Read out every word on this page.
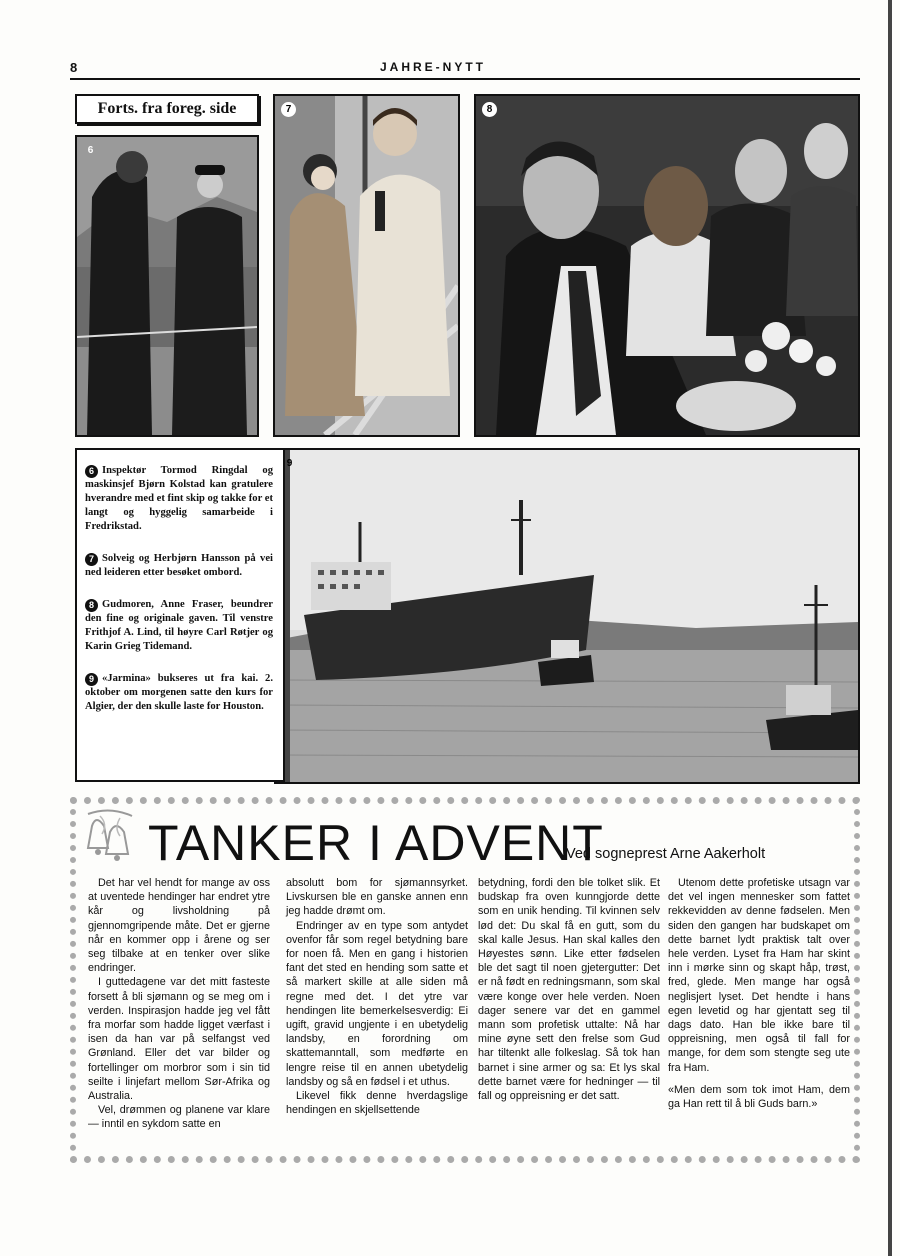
8	JAHRE-NYTT
Forts. fra foreg. side
6
7	8
9
6 Inspektør Tormod Ringdal og maskinsjef Bjørn Kolstad kan gratulere hverandre med et fint skip og takke for et langt og hyggelig samarbeide i Fredrikstad.
7 Solveig og Herbjørn Hansson på vei ned leideren etter besøket ombord.
8 Gudmoren, Anne Fraser, beundrer den fine og originale gaven. Til venstre Frithjof A. Lind, til høyre Carl Røtjer og Karin Grieg Tidemand.
9 «Jarmina» bukseres ut fra kai. 2. oktober om morgenen satte den kurs for Algier, der den skulle laste for Houston.
TANKER I ADVENT
Ved sogneprest Arne Aakerholt

Det har vel hendt for mange av oss at uventede hendinger har endret ytre kår og livsholdning på gjennomgripende måte. Det er gjerne når en kommer opp i årene og ser seg tilbake at en tenker over slike endringer.

I guttedagene var det mitt fasteste forsett å bli sjømann og se meg om i verden. Inspirasjon hadde jeg vel fått fra morfar som hadde ligget værfast i isen da han var på selfangst ved Grønland. Eller det var bilder og fortellinger om morbror som i sin tid seilte i linjefart mellom Sør-Afrika og Australia.

Vel, drømmen og planene var klare — inntil en sykdom satte en

absolutt bom for sjømannsyrket. Livskursen ble en ganske annen enn jeg hadde drømt om.

Endringer av en type som antydet ovenfor får som regel betydning bare for noen få. Men en gang i historien fant det sted en hending som satte et så markert skille at alle siden må regne med det. I det ytre var hendingen lite bemerkelsesverdig: Ei ugift, gravid ungjente i en ubetydelig landsby, en forordning om skattemanntall, som medførte en lengre reise til en annen ubetydelig landsby og så en fødsel i et uthus.

Likevel fikk denne hverdagslige hendingen en skjellsettende

betydning, fordi den ble tolket slik. Et budskap fra oven kunngjorde dette som en unik hending. Til kvinnen selv lød det: Du skal få en gutt, som du skal kalle Jesus. Han skal kalles den Høyestes sønn. Like etter fødselen ble det sagt til noen gjetergutter: Det er nå født en redningsmann, som skal være konge over hele verden. Noen dager senere var det en gammel mann som profetisk uttalte: Nå har mine øyne sett den frelse som Gud har tiltenkt alle folkeslag. Så tok han barnet i sine armer og sa: Et lys skal dette barnet være for hedninger — til fall og oppreisning er det satt.

Utenom dette profetiske utsagn var det vel ingen mennesker som fattet rekkevidden av denne fødselen. Men siden den gangen har budskapet om dette barnet lydt praktisk talt over hele verden. Lyset fra Ham har skint inn i mørke sinn og skapt håp, trøst, fred, glede. Men mange har også neglisjert lyset. Det hendte i hans egen levetid og har gjentatt seg til dags dato. Han ble ikke bare til oppreisning, men også til fall for mange, for dem som stengte seg ute fra Ham.

«Men dem som tok imot Ham, dem ga Han rett til å bli Guds barn.»
